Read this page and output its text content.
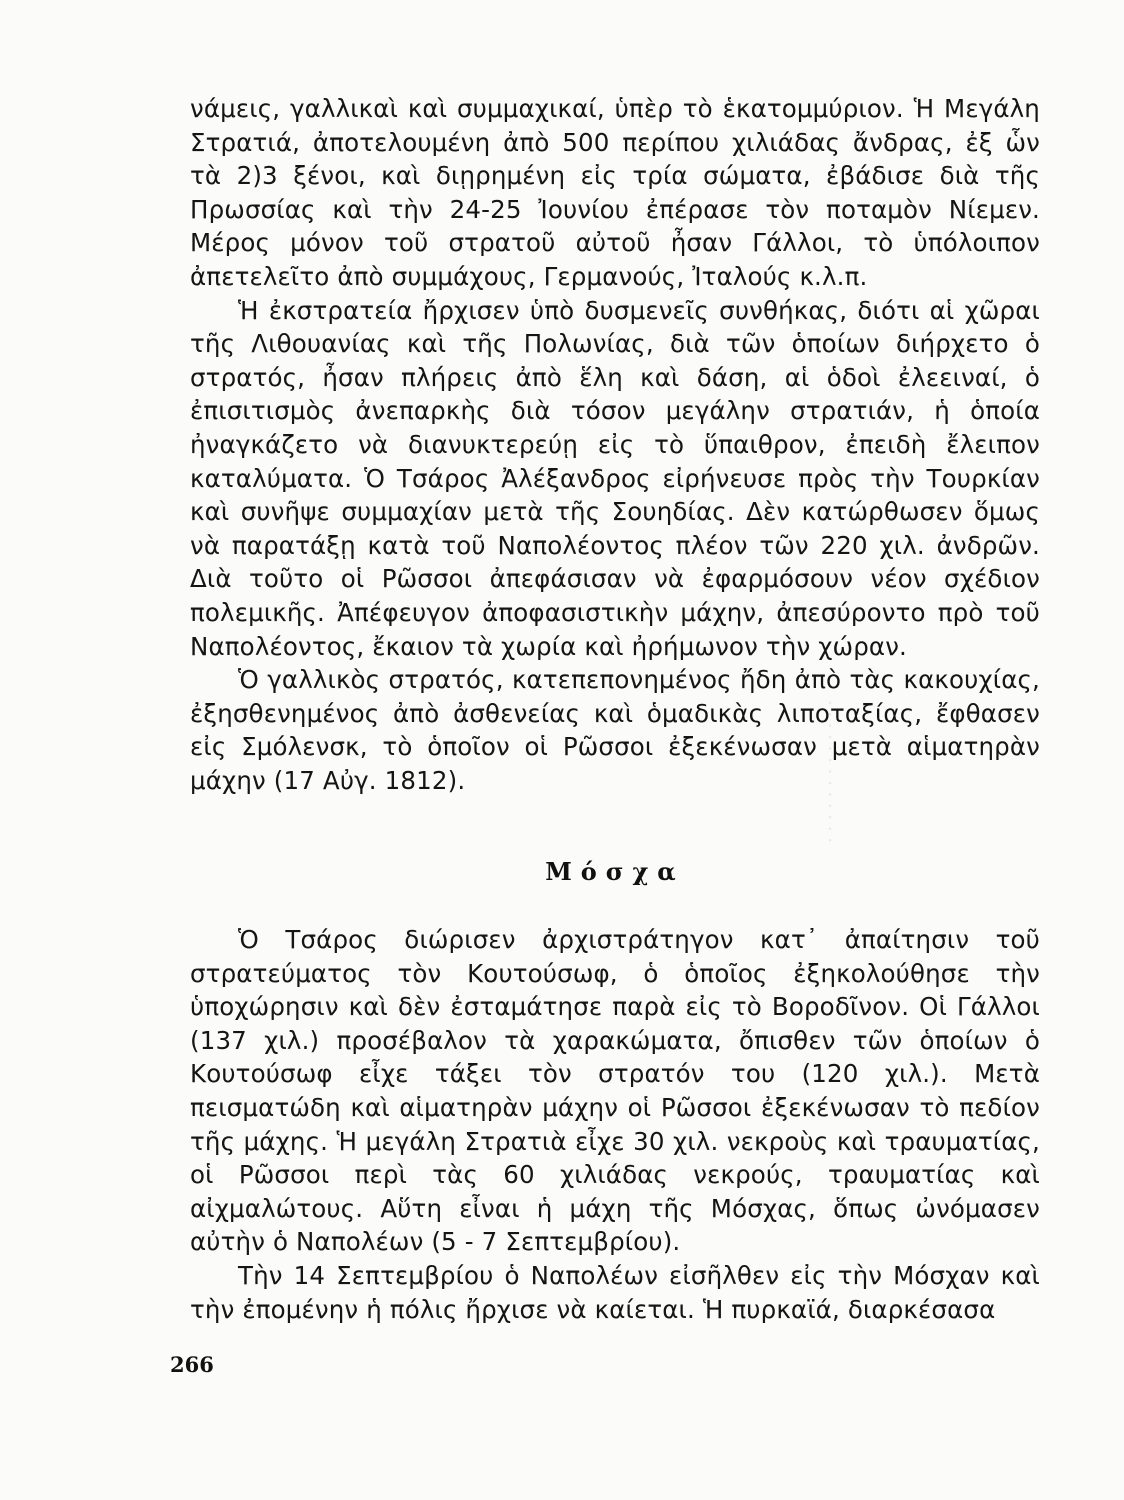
· · · · · · · · · · · · ·

νάμεις, γαλλικαὶ καὶ συμμαχικαί, ὑπὲρ τὸ ἑκατομμύριον. Ἡ Μεγάλη Στρατιά, ἀποτελουμένη ἀπὸ 500 περίπου χιλιάδας ἄνδρας, ἐξ ὧν τὰ 2)3 ξένοι, καὶ διῃρημένη εἰς τρία σώματα, ἐβάδισε διὰ τῆς Πρωσσίας καὶ τὴν 24-25 Ἰουνίου ἐπέρασε τὸν ποταμὸν Νίεμεν. Μέρος μόνον τοῦ στρατοῦ αὐτοῦ ἦσαν Γάλλοι, τὸ ὑπόλοιπον ἀπετελεῖτο ἀπὸ συμμάχους, Γερμανούς, Ἰταλούς κ.λ.π.

Ἡ ἐκστρατεία ἤρχισεν ὑπὸ δυσμενεῖς συνθήκας, διότι αἱ χῶραι τῆς Λιθουανίας καὶ τῆς Πολωνίας, διὰ τῶν ὁποίων διήρχετο ὁ στρατός, ἦσαν πλήρεις ἀπὸ ἕλη καὶ δάση, αἱ ὁδοὶ ἐλεειναί, ὁ ἐπισιτισμὸς ἀνεπαρκὴς διὰ τόσον μεγάλην στρατιάν, ἡ ὁποία ἠναγκάζετο νὰ διανυκτερεύῃ εἰς τὸ ὕπαιθρον, ἐπειδὴ ἔλειπον καταλύματα. Ὁ Τσάρος Ἀλέξανδρος εἰρήνευσε πρὸς τὴν Τουρκίαν καὶ συνῆψε συμμαχίαν μετὰ τῆς Σουηδίας. Δὲν κατώρθωσεν ὅμως νὰ παρατάξῃ κατὰ τοῦ Ναπολέοντος πλέον τῶν 220 χιλ. ἀνδρῶν. Διὰ τοῦτο οἱ Ρῶσσοι ἀπεφάσισαν νὰ ἐφαρμόσουν νέον σχέδιον πολεμικῆς. Ἀπέφευγον ἀποφασιστικὴν μάχην, ἀπεσύροντο πρὸ τοῦ Ναπολέοντος, ἔκαιον τὰ χωρία καὶ ἠρήμωνον τὴν χώραν.

Ὁ γαλλικὸς στρατός, κατεπεπονημένος ἤδη ἀπὸ τὰς κακουχίας, ἐξησθενημένος ἀπὸ ἀσθενείας καὶ ὁμαδικὰς λιποταξίας, ἔφθασεν εἰς Σμόλενσκ, τὸ ὁποῖον οἱ Ρῶσσοι ἐξεκένωσαν μετὰ αἱματηρὰν μάχην (17 Αὐγ. 1812).

Μόσχα

Ὁ Τσάρος διώρισεν ἀρχιστράτηγον κατ᾽ ἀπαίτησιν τοῦ στρατεύματος τὸν Κουτούσωφ, ὁ ὁποῖος ἐξηκολούθησε τὴν ὑποχώρησιν καὶ δὲν ἐσταμάτησε παρὰ εἰς τὸ Βοροδῖνον. Οἱ Γάλλοι (137 χιλ.) προσέβαλον τὰ χαρακώματα, ὄπισθεν τῶν ὁποίων ὁ Κουτούσωφ εἶχε τάξει τὸν στρατόν του (120 χιλ.). Μετὰ πεισματώδη καὶ αἱματηρὰν μάχην οἱ Ρῶσσοι ἐξεκένωσαν τὸ πεδίον τῆς μάχης. Ἡ μεγάλη Στρατιὰ εἶχε 30 χιλ. νεκροὺς καὶ τραυματίας, οἱ Ρῶσσοι περὶ τὰς 60 χιλιάδας νεκρούς, τραυματίας καὶ αἰχμαλώτους. Αὕτη εἶναι ἡ μάχη τῆς Μόσχας, ὅπως ὠνόμασεν αὐτὴν ὁ Ναπολέων (5 - 7 Σεπτεμβρίου).

Τὴν 14 Σεπτεμβρίου ὁ Ναπολέων εἰσῆλθεν εἰς τὴν Μόσχαν καὶ τὴν ἐπομένην ἡ πόλις ἤρχισε νὰ καίεται. Ἡ πυρκαϊά, διαρκέσασα

266
